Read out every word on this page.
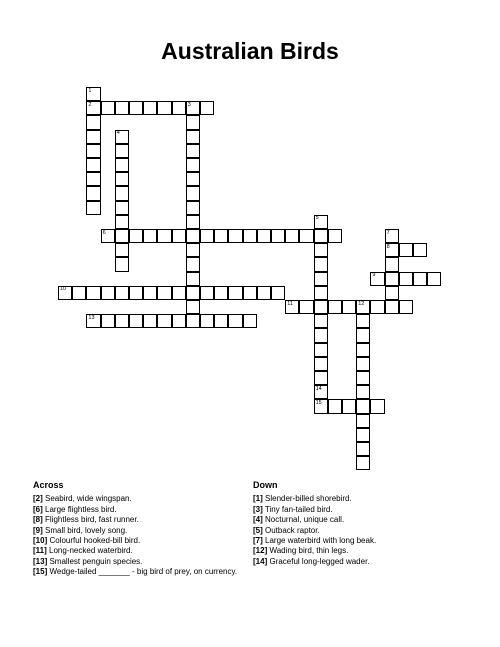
Australian Birds
1
2	3
4
5
6	7
8
9
10
11	12
13
14
15
Across
[2] Seabird, wide wingspan.
[6] Large flightless bird.
[8] Flightless bird, fast runner.
[9] Small bird, lovely song.
[10] Colourful hooked-bill bird.
[11] Long-necked waterbird.
[13] Smallest penguin species.
[15] Wedge-tailed _______ - big bird of prey, on currency.
Down
[1] Slender-billed shorebird.
[3] Tiny fan-tailed bird.
[4] Nocturnal, unique call.
[5] Outback raptor.
[7] Large waterbird with long beak.
[12] Wading bird, thin legs.
[14] Graceful long-legged wader.
